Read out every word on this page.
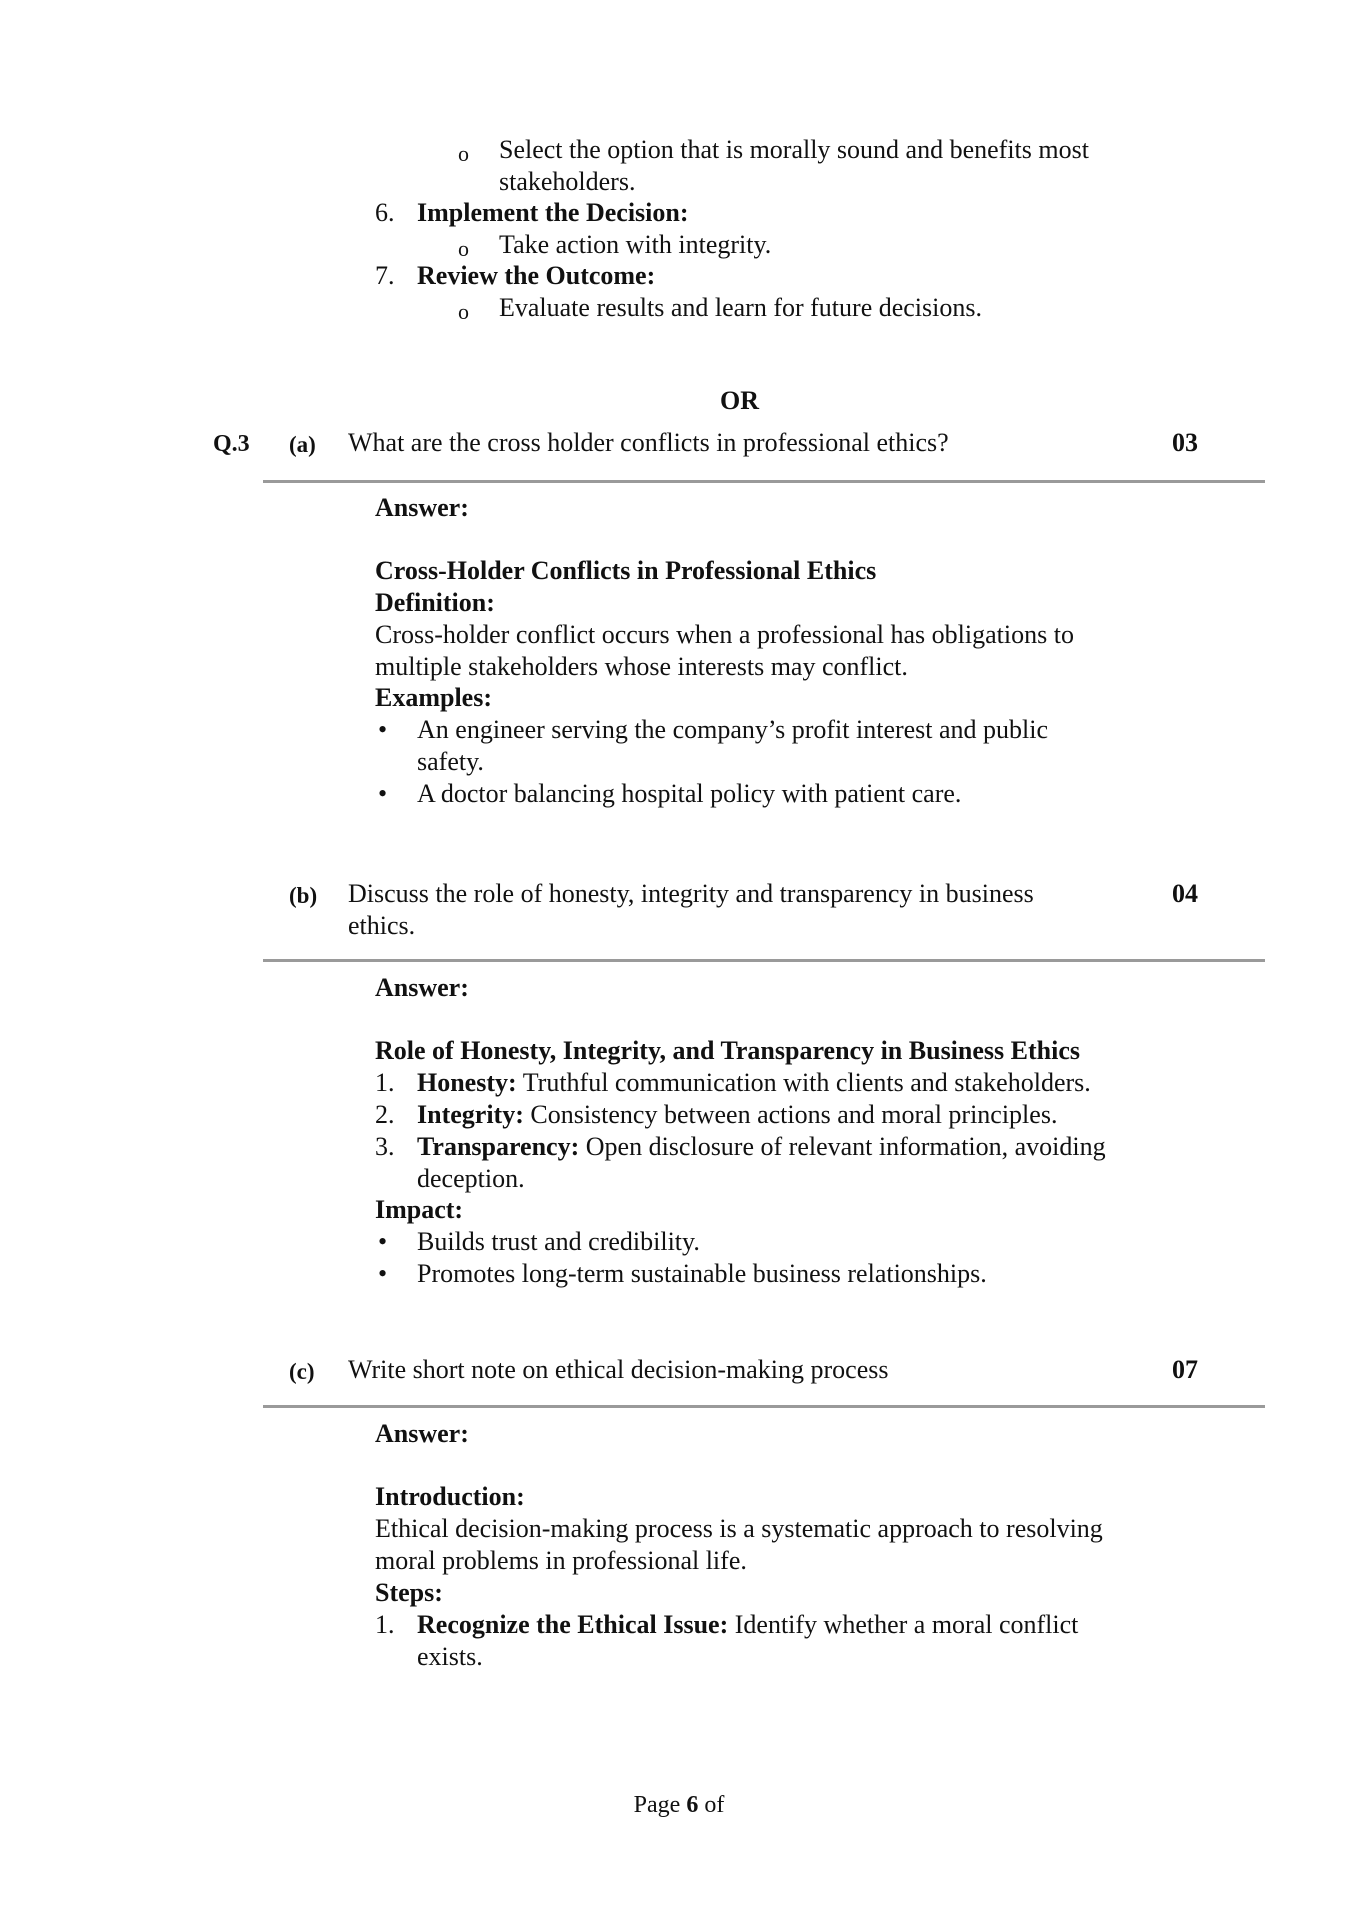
o Select the option that is morally sound and benefits most
stakeholders.
6. Implement the Decision:
o Take action with integrity.
7. Review the Outcome:
o Evaluate results and learn for future decisions.
OR
Q.3 (a) What are the cross holder conflicts in professional ethics?	03
Answer:
Cross-Holder Conflicts in Professional Ethics
Definition:
Cross-holder conflict occurs when a professional has obligations to
multiple stakeholders whose interests may conflict.
Examples:
• An engineer serving the company’s profit interest and public
safety.
• A doctor balancing hospital policy with patient care.
(b) Discuss the role of honesty, integrity and transparency in business
ethics.
04
Answer:
Role of Honesty, Integrity, and Transparency in Business Ethics
1. Honesty: Truthful communication with clients and stakeholders.
2. Integrity: Consistency between actions and moral principles.
3. Transparency: Open disclosure of relevant information, avoiding
deception.
Impact:
• Builds trust and credibility.
• Promotes long-term sustainable business relationships.
(c) Write short note on ethical decision-making process	07
Answer:
Introduction:
Ethical decision-making process is a systematic approach to resolving
moral problems in professional life.
Steps:
1. Recognize the Ethical Issue: Identify whether a moral conflict
exists.
Page 6 of
